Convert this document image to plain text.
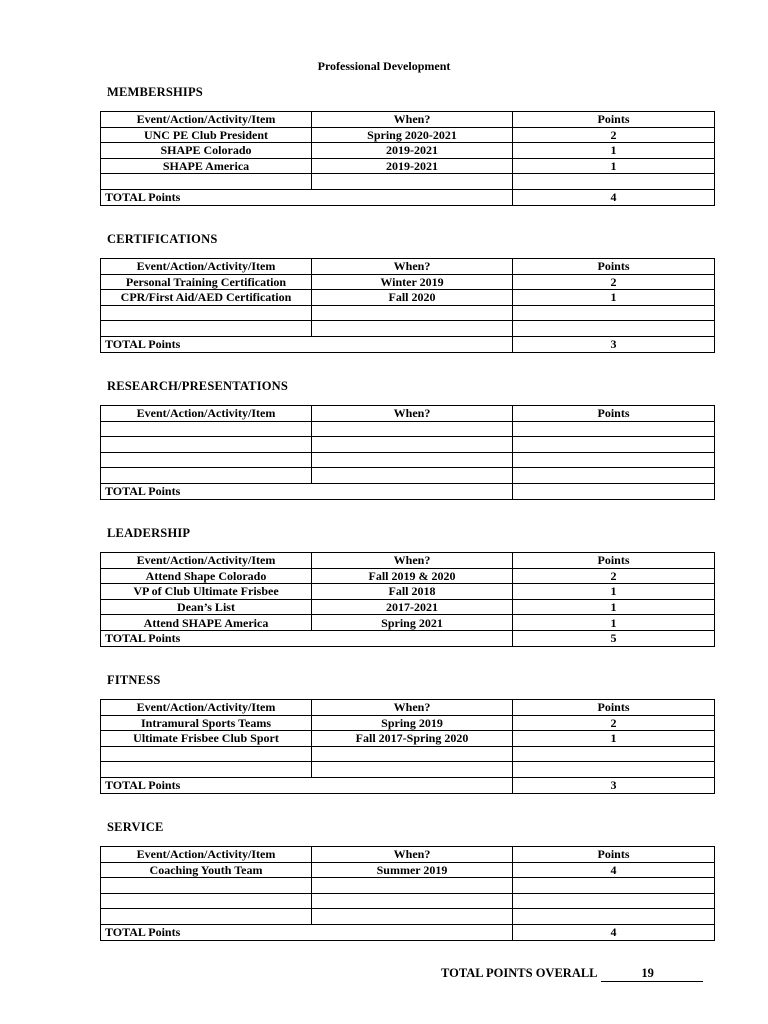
Professional Development
MEMBERSHIPS
Event/Action/Activity/Item	When?	Points
UNC PE Club President	Spring 2020-2021	2
SHAPE Colorado	2019-2021	1
SHAPE America	2019-2021	1

TOTAL Points		4
CERTIFICATIONS
Event/Action/Activity/Item	When?	Points
Personal Training Certification	Winter 2019	2
CPR/First Aid/AED Certification	Fall 2020	1

TOTAL Points		3
RESEARCH/PRESENTATIONS
Event/Action/Activity/Item	When?	Points

TOTAL Points		
LEADERSHIP
Event/Action/Activity/Item	When?	Points
Attend Shape Colorado	Fall 2019 & 2020	2
VP of Club Ultimate Frisbee	Fall 2018	1
Dean’s List	2017-2021	1
Attend SHAPE America	Spring 2021	1
TOTAL Points		5
FITNESS
Event/Action/Activity/Item	When?	Points
Intramural Sports Teams	Spring 2019	2
Ultimate Frisbee Club Sport	Fall 2017-Spring 2020	1

TOTAL Points		3
SERVICE
Event/Action/Activity/Item	When?	Points
Coaching Youth Team	Summer 2019	4

TOTAL Points		4
TOTAL POINTS OVERALL	19
